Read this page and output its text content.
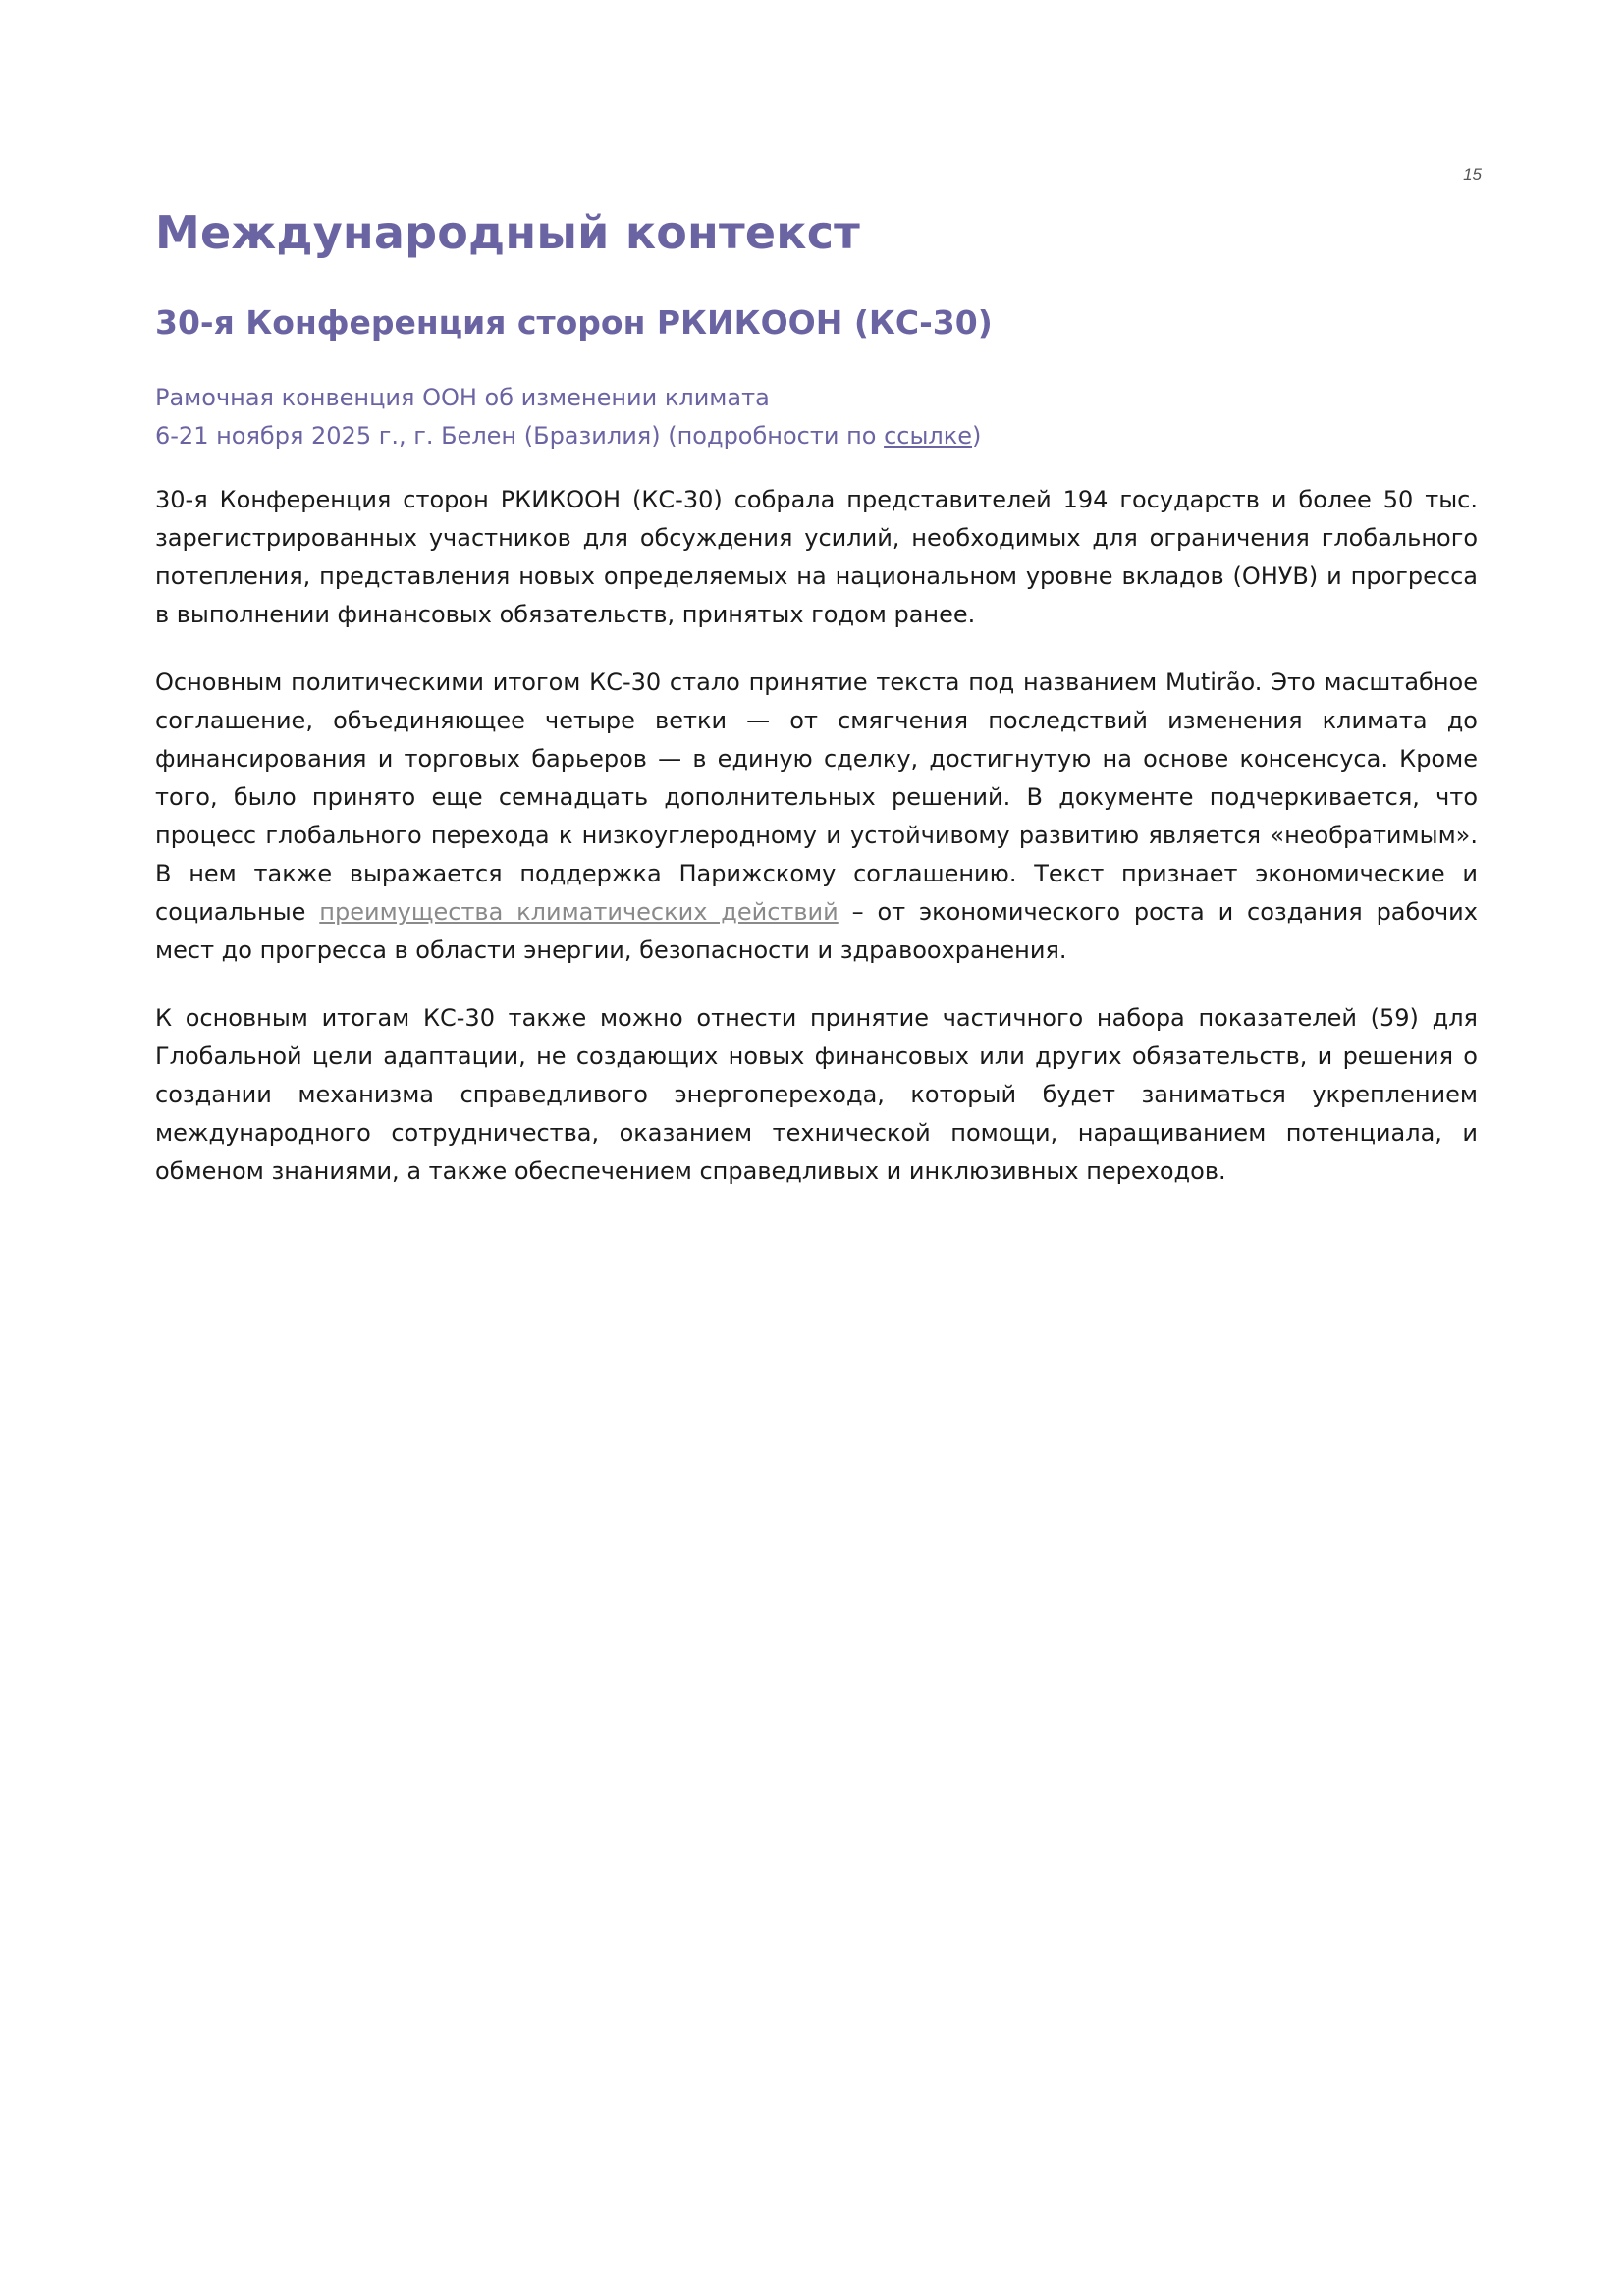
15
Международный контекст
30-я Конференция сторон РКИКООН (КС-30)
Рамочная конвенция ООН об изменении климата
6-21 ноября 2025 г., г. Белен (Бразилия) (подробности по ссылке)

30-я Конференция сторон РКИКООН (КС-30) собрала представителей 194 государств и более 50 тыс. зарегистрированных участников для обсуждения усилий, необходимых для ограничения глобального потепления, представления новых определяемых на национальном уровне вкладов (ОНУВ) и прогресса в выполнении финансовых обязательств, принятых годом ранее.

Основным политическими итогом КС-30 стало принятие текста под названием Mutirão. Это масштабное соглашение, объединяющее четыре ветки — от смягчения последствий изменения климата до финансирования и торговых барьеров — в единую сделку, достигнутую на основе консенсуса. Кроме того, было принято еще семнадцать дополнительных решений. В документе подчеркивается, что процесс глобального перехода к низкоуглеродному и устойчивому развитию является «необратимым». В нем также выражается поддержка Парижскому соглашению. Текст признает экономические и социальные преимущества климатических действий – от экономического роста и создания рабочих мест до прогресса в области энергии, безопасности и здравоохранения.

К основным итогам КС-30 также можно отнести принятие частичного набора показателей (59) для Глобальной цели адаптации, не создающих новых финансовых или других обязательств, и решения о создании механизма справедливого энергоперехода, который будет заниматься укреплением международного сотрудничества, оказанием технической помощи, наращиванием потенциала, и обменом знаниями, а также обеспечением справедливых и инклюзивных переходов.
